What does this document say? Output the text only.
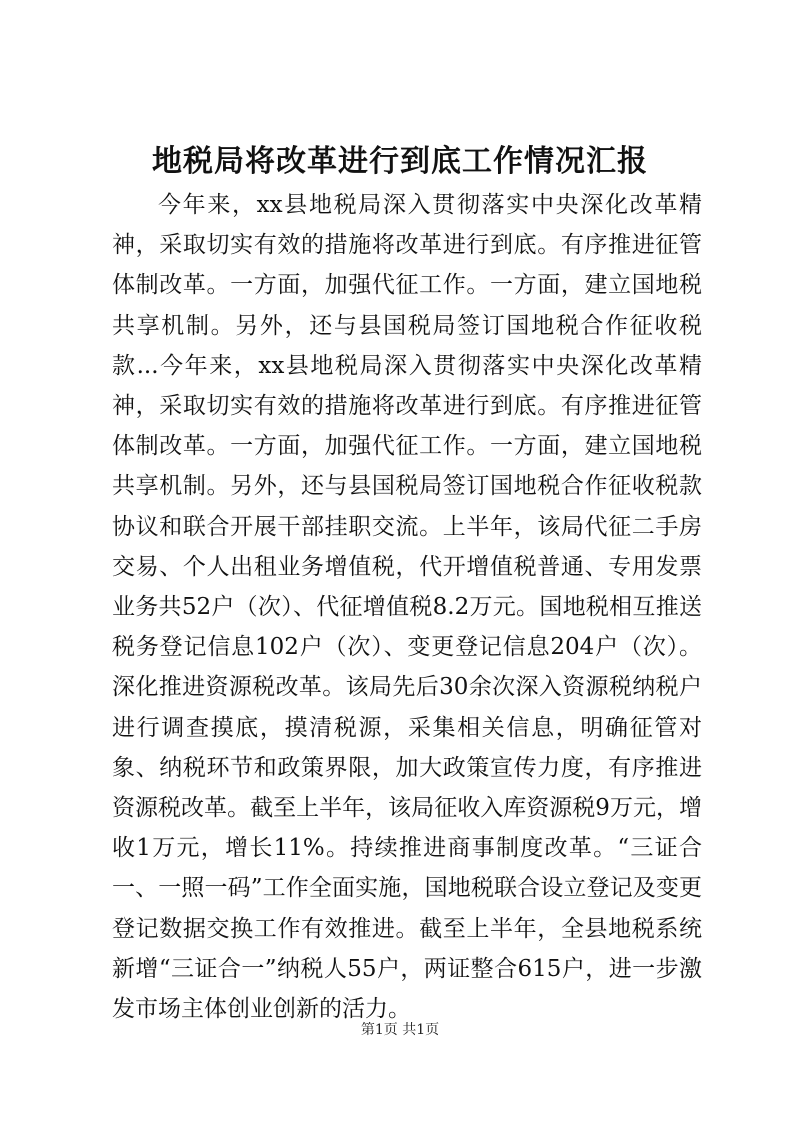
地税局将改革进行到底工作情况汇报
今年来，xx县地税局深入贯彻落实中央深化改革精神，采取切实有效的措施将改革进行到底。有序推进征管体制改革。一方面，加强代征工作。一方面，建立国地税共享机制。另外，还与县国税局签订国地税合作征收税款...今年来，xx县地税局深入贯彻落实中央深化改革精神，采取切实有效的措施将改革进行到底。有序推进征管体制改革。一方面，加强代征工作。一方面，建立国地税共享机制。另外，还与县国税局签订国地税合作征收税款协议和联合开展干部挂职交流。上半年，该局代征二手房交易、个人出租业务增值税，代开增值税普通、专用发票业务共52户（次）、代征增值税8.2万元。国地税相互推送税务登记信息102户（次）、变更登记信息204户（次）。深化推进资源税改革。该局先后30余次深入资源税纳税户进行调查摸底，摸清税源，采集相关信息，明确征管对象、纳税环节和政策界限，加大政策宣传力度，有序推进资源税改革。截至上半年，该局征收入库资源税9万元，增收1万元，增长11%。持续推进商事制度改革。“三证合一、一照一码”工作全面实施，国地税联合设立登记及变更登记数据交换工作有效推进。截至上半年，全县地税系统新增“三证合一”纳税人55户，两证整合615户，进一步激发市场主体创业创新的活力。
第1页 共1页
